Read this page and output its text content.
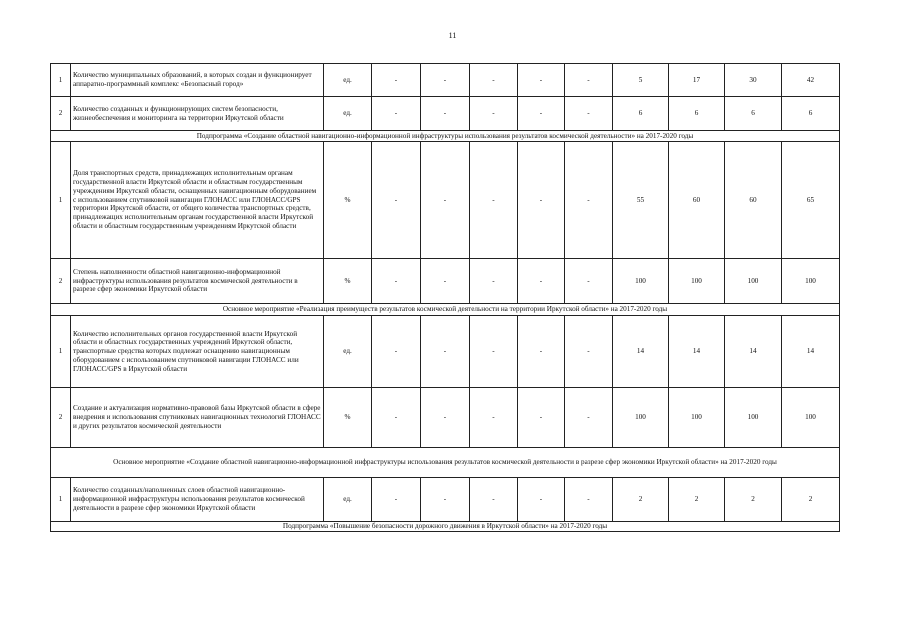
11
1	Количество муниципальных образований, в которых создан и функционирует аппаратно-программный комплекс «Безопасный город»	ед.	-	-	-	-	-	5	17	30	42
2	Количество созданных и функционирующих систем безопасности, жизнеобеспечения и мониторинга на территории Иркутской области	ед.	-	-	-	-	-	6	6	6	6
Подпрограмма «Создание областной навигационно-информационной инфраструктуры использования результатов космической деятельности» на 2017-2020 годы											
1	Доля транспортных средств, принадлежащих исполнительным органам государственной власти Иркутской области и областным государственным учреждениям Иркутской области, оснащенных навигационным оборудованием с использованием спутниковой навигации ГЛОНАСС или ГЛОНАСС/GPS территории Иркутской области, от общего количества транспортных средств, принадлежащих исполнительным органам государственной власти Иркутской области и областным государственным учреждениям Иркутской области	%	-	-	-	-	-	55	60	60	65
2	Степень наполненности областной навигационно-информационной инфраструктуры использования результатов космической деятельности в разрезе сфер экономики Иркутской области	%	-	-	-	-	-	100	100	100	100
Основное мероприятие «Реализация преимуществ результатов космической деятельности на территории Иркутской области» на 2017-2020 годы											
1	Количество исполнительных органов государственной власти Иркутской области и областных государственных учреждений Иркутской области, транспортные средства которых подлежат оснащению навигационным оборудованием с использованием спутниковой навигации ГЛОНАСС или ГЛОНАСС/GPS в Иркутской области	ед.	-	-	-	-	-	14	14	14	14
2	Создание и актуализация нормативно-правовой базы Иркутской области в сфере внедрения и использования спутниковых навигационных технологий ГЛОНАСС и других результатов космической деятельности	%	-	-	-	-	-	100	100	100	100
Основное мероприятие «Создание областной навигационно-информационной инфраструктуры использования результатов космической деятельности в разрезе сфер экономики Иркутской области» на 2017-2020 годы											
1	Количество созданных/наполненных слоев областной навигационно-информационной инфраструктуры использования результатов космической деятельности в разрезе сфер экономики Иркутской области	ед.	-	-	-	-	-	2	2	2	2
Подпрограмма «Повышение безопасности дорожного движения в Иркутской области» на 2017-2020 годы											
